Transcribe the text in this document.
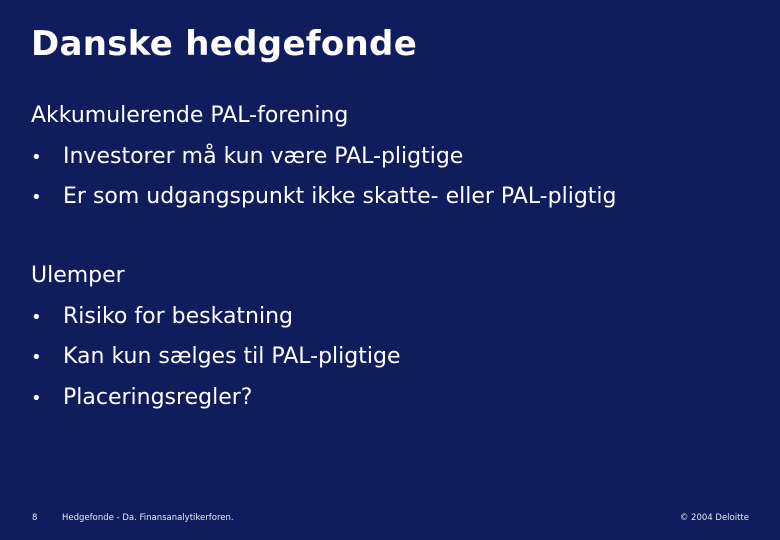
Danske hedgefonde
Akkumulerende PAL-forening
• Investorer må kun være PAL-pligtige
• Er som udgangspunkt ikke skatte- eller PAL-pligtig
Ulemper
• Risiko for beskatning
• Kan kun sælges til PAL-pligtige
• Placeringsregler?
8	Hedgefonde - Da. Finansanalytikerforen.	© 2004 Deloitte
